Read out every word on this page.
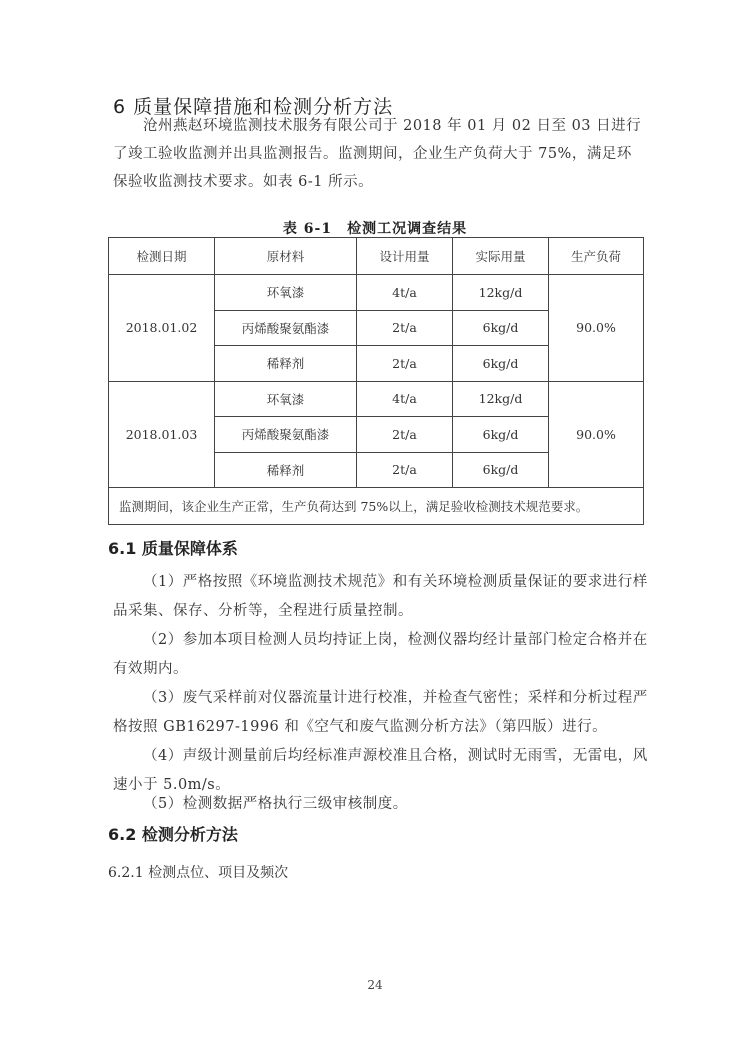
6 质量保障措施和检测分析方法
沧州燕赵环境监测技术服务有限公司于 2018 年 01 月 02 日至 03 日进行了竣工验收监测并出具监测报告。监测期间，企业生产负荷大于 75%，满足环保验收监测技术要求。如表 6-1 所示。
表 6-1　检测工况调查结果
检测日期	原材料	设计用量	实际用量	生产负荷
2018.01.02	环氧漆	4t/a	12kg/d	90.0%
	丙烯酸聚氨酯漆	2t/a	6kg/d	
	稀释剂	2t/a	6kg/d	
2018.01.03	环氧漆	4t/a	12kg/d	90.0%
	丙烯酸聚氨酯漆	2t/a	6kg/d	
	稀释剂	2t/a	6kg/d	
监测期间，该企业生产正常，生产负荷达到 75%以上，满足验收检测技术规范要求。				
6.1 质量保障体系
（1）严格按照《环境监测技术规范》和有关环境检测质量保证的要求进行样品采集、保存、分析等，全程进行质量控制。
（2）参加本项目检测人员均持证上岗，检测仪器均经计量部门检定合格并在有效期内。
（3）废气采样前对仪器流量计进行校准，并检查气密性；采样和分析过程严格按照 GB16297-1996 和《空气和废气监测分析方法》（第四版）进行。
（4）声级计测量前后均经标准声源校准且合格，测试时无雨雪，无雷电，风速小于 5.0m/s。
（5）检测数据严格执行三级审核制度。
6.2 检测分析方法
6.2.1 检测点位、项目及频次
24
